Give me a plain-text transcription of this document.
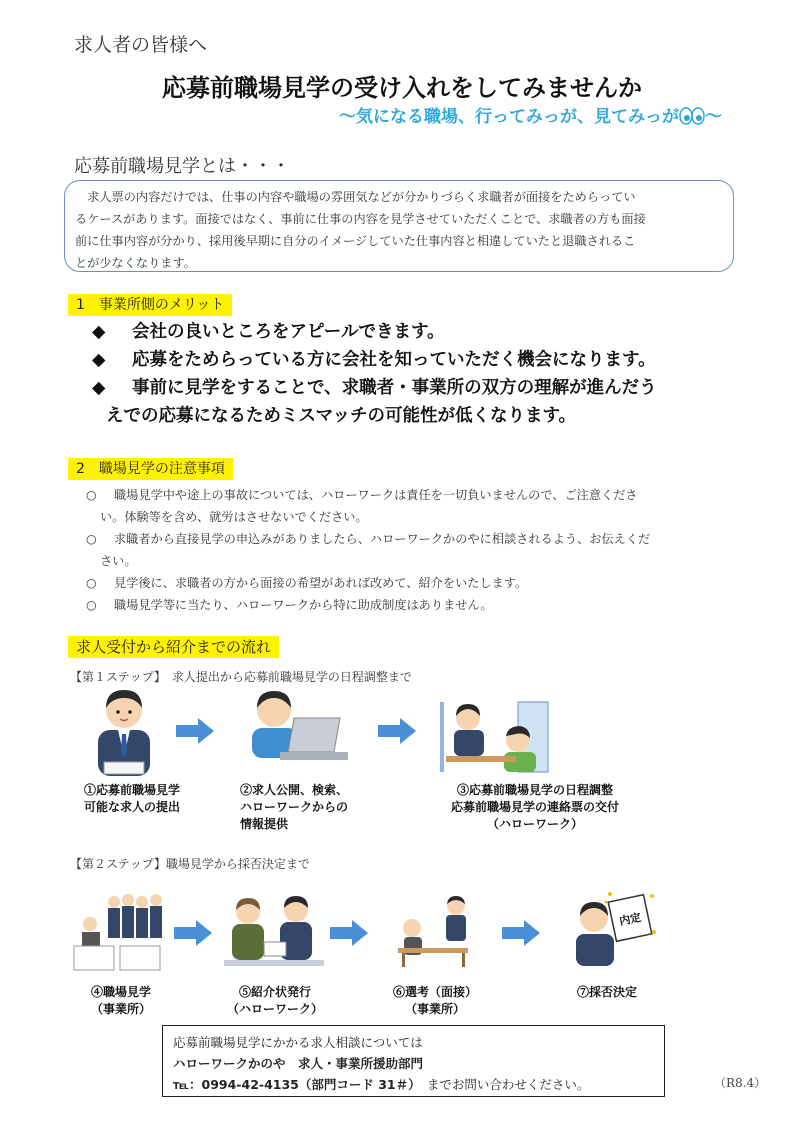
求人者の皆様へ
応募前職場見学の受け入れをしてみませんか
～気になる職場、行ってみっが、見てみっが ～
応募前職場見学とは・・・
　求人票の内容だけでは、仕事の内容や職場の雰囲気などが分かりづらく求職者が面接をためらってい
るケースがあります。面接ではなく、事前に仕事の内容を見学させていただくことで、求職者の方も面接
前に仕事内容が分かり、採用後早期に自分のイメージしていた仕事内容と相違していたと退職されるこ
とが少なくなります。
1　事業所側のメリット
◆	会社の良いところをアピールできます。
◆	応募をためらっている方に会社を知っていただく機会になります。
◆	事前に見学をすることで、求職者・事業所の双方の理解が進んだう
えでの応募になるためミスマッチの可能性が低くなります。
2　職場見学の注意事項
○	職場見学中や途上の事故については、ハローワークは責任を一切負いませんので、ご注意くださ
い。体験等を含め、就労はさせないでください。
○	求職者から直接見学の申込みがありましたら、ハローワークかのやに相談されるよう、お伝えくだ
さい。
○	見学後に、求職者の方から面接の希望があれば改めて、紹介をいたします。
○	職場見学等に当たり、ハローワークから特に助成制度はありません。
求人受付から紹介までの流れ
【第１ステップ】　求人提出から応募前職場見学の日程調整まで
①応募前職場見学
可能な求人の提出
②求人公開、検索、
ハローワークからの
情報提供
③応募前職場見学の日程調整
応募前職場見学の連絡票の交付
（ハローワーク）
【第２ステップ】職場見学から採否決定まで
内定
④職場見学
（事業所）
⑤紹介状発行
（ハローワーク）
⑥選考（面接）
（事業所）
⑦採否決定
応募前職場見学にかかる求人相談については
ハローワークかのや　求人・事業所援助部門
℡：0994-42-4135（部門コード 31＃）　までお問い合わせください。	（R8.4）
